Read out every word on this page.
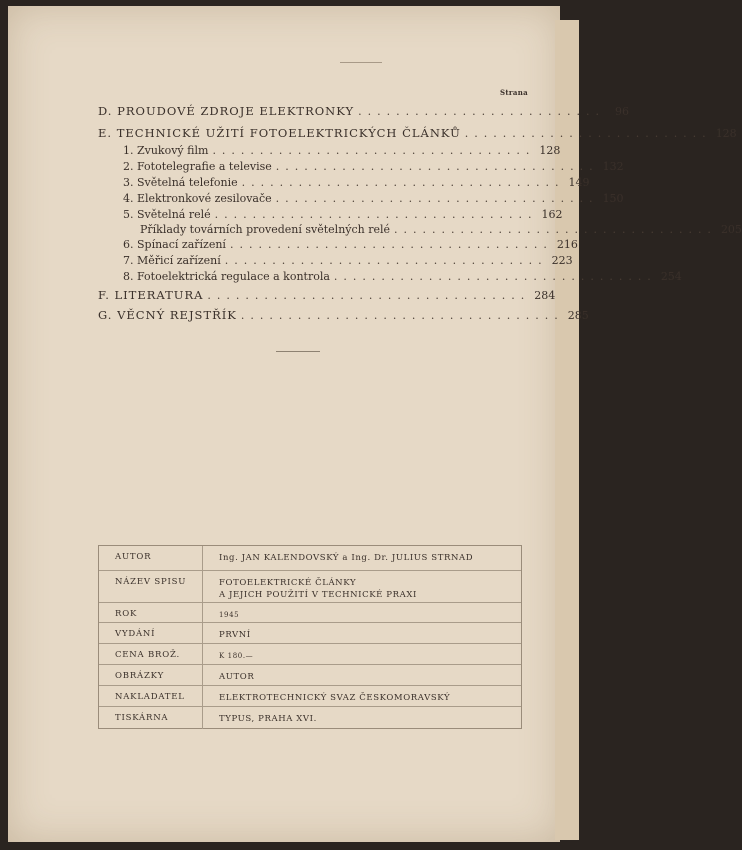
Strana
D. PROUDOVÉ ZDROJE ELEKTRONKY .......................... 96
E. TECHNICKÉ UŽITÍ FOTOELEKTRICKÝCH ČLÁNKŮ .......................... 128
1. Zvukový film .................................. 128
2. Fototelegrafie a televise .................................. 132
3. Světelná telefonie .................................. 149
4. Elektronkové zesilovače .................................. 150
5. Světelná relé .................................. 162
Příklady továrních provedení světelných relé .................................. 205
6. Spínací zařízení .................................. 216
7. Měřicí zařízení .................................. 223
8. Fotoelektrická regulace a kontrola .................................. 254
F. LITERATURA .................................. 284
G. VĚCNÝ REJSTŘÍK .................................. 285
AUTOR	Ing. JAN KALENDOVSKÝ a Ing. Dr. JULIUS STRNAD
NÁZEV SPISU	FOTOELEKTRICKÉ ČLÁNKY
A JEJICH POUŽITÍ V TECHNICKÉ PRAXI
ROK	1945
VYDÁNÍ	PRVNÍ
CENA BROŽ.	K 180.—
OBRÁZKY	AUTOR
NAKLADATEL	ELEKTROTECHNICKÝ SVAZ ČESKOMORAVSKÝ
TISKÁRNA	TYPUS, PRAHA XVI.
